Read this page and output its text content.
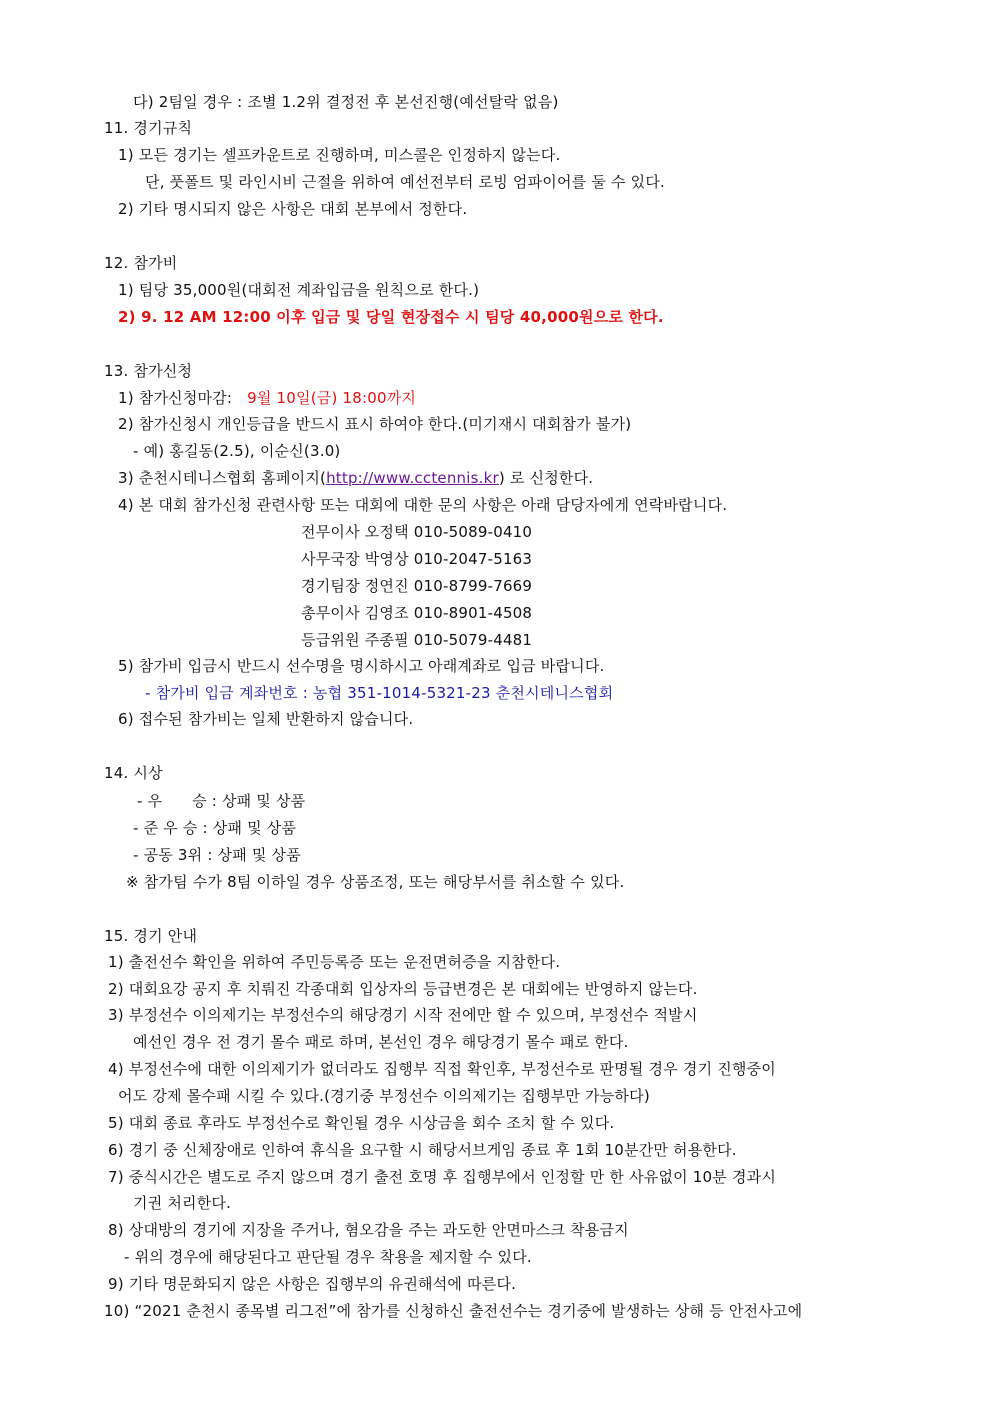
다) 2팀일 경우 : 조별 1.2위 결정전 후 본선진행(예선탈락 없음)
11. 경기규칙
1) 모든 경기는 셀프카운트로 진행하며, 미스콜은 인정하지 않는다.
단, 풋폴트 및 라인시비 근절을 위하여 예선전부터 로빙 엄파이어를 둘 수 있다.
2) 기타 명시되지 않은 사항은 대회 본부에서 정한다.
12. 참가비
1) 팀당 35,000원(대회전 계좌입금을 원칙으로 한다.)
2) 9. 12 AM 12:00 이후 입금 및 당일 현장접수 시 팀당 40,000원으로 한다.
13. 참가신청
1) 참가신청마감: 9월 10일(금) 18:00까지
2) 참가신청시 개인등급을 반드시 표시 하여야 한다.(미기재시 대회참가 불가)
- 예) 홍길동(2.5), 이순신(3.0)
3) 춘천시테니스협회 홈페이지(http://www.cctennis.kr) 로 신청한다.
4) 본 대회 참가신청 관련사항 또는 대회에 대한 문의 사항은 아래 담당자에게 연락바랍니다.
전무이사 오정택 010-5089-0410
사무국장 박영상 010-2047-5163
경기팀장 정연진 010-8799-7669
총무이사 김영조 010-8901-4508
등급위원 주종필 010-5079-4481
5) 참가비 입금시 반드시 선수명을 명시하시고 아래계좌로 입금 바랍니다.
- 참가비 입금 계좌번호 : 농협 351-1014-5321-23 춘천시테니스협회
6) 접수된 참가비는 일체 반환하지 않습니다.
14. 시상
- 우      승 : 상패 및 상품
- 준 우 승 : 상패 및 상품
- 공동 3위 : 상패 및 상품
※ 참가팀 수가 8팀 이하일 경우 상품조정, 또는 해당부서를 취소할 수 있다.
15. 경기 안내
1) 출전선수 확인을 위하여 주민등록증 또는 운전면허증을 지참한다.
2) 대회요강 공지 후 치뤄진 각종대회 입상자의 등급변경은 본 대회에는 반영하지 않는다.
3) 부정선수 이의제기는 부정선수의 해당경기 시작 전에만 할 수 있으며, 부정선수 적발시
예선인 경우 전 경기 몰수 패로 하며, 본선인 경우 해당경기 몰수 패로 한다.
4) 부정선수에 대한 이의제기가 없더라도 집행부 직접 확인후, 부정선수로 판명될 경우 경기 진행중이
어도 강제 몰수패 시킬 수 있다.(경기중 부정선수 이의제기는 집행부만 가능하다)
5) 대회 종료 후라도 부정선수로 확인될 경우 시상금을 회수 조치 할 수 있다.
6) 경기 중 신체장애로 인하여 휴식을 요구할 시 해당서브게임 종료 후 1회 10분간만 허용한다.
7) 중식시간은 별도로 주지 않으며 경기 출전 호명 후 집행부에서 인정할 만 한 사유없이 10분 경과시
기권 처리한다.
8) 상대방의 경기에 지장을 주거나, 혐오감을 주는 과도한 안면마스크 착용금지
- 위의 경우에 해당된다고 판단될 경우 착용을 제지할 수 있다.
9) 기타 명문화되지 않은 사항은 집행부의 유권해석에 따른다.
10) “2021 춘천시 종목별 리그전”에 참가를 신청하신 출전선수는 경기중에 발생하는 상해 등 안전사고에
